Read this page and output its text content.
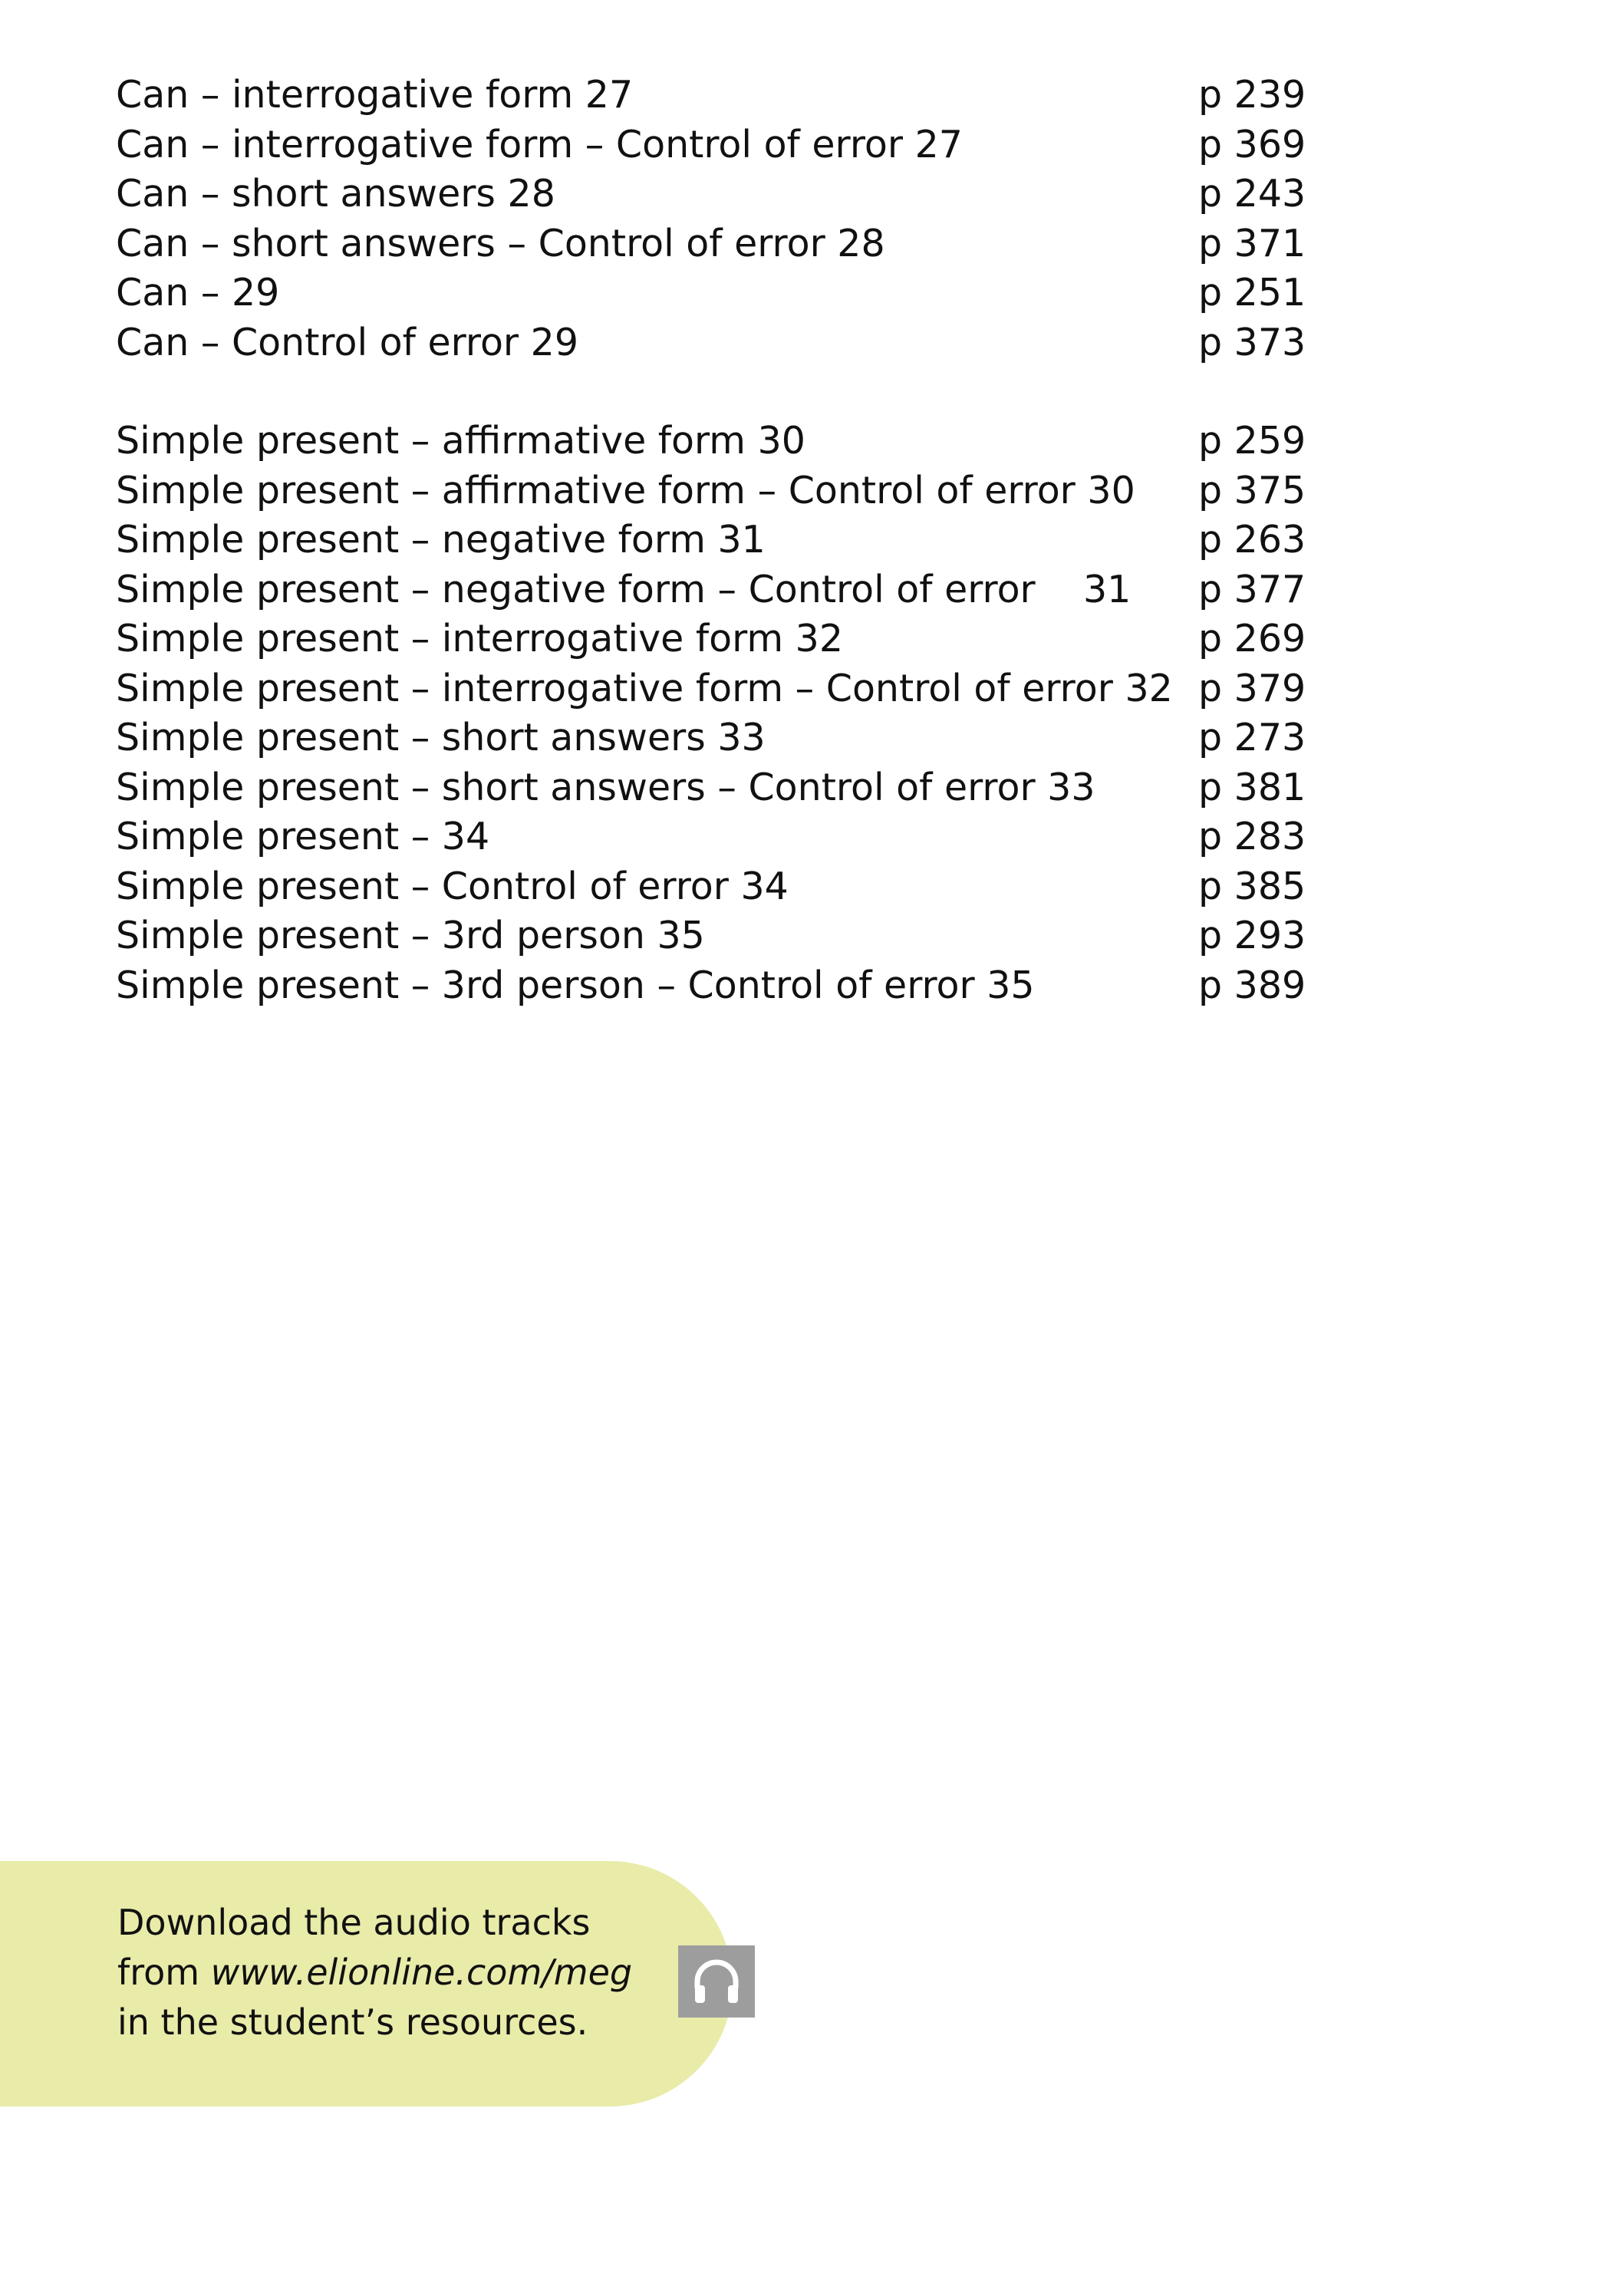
Can – interrogative form 27	p 239
Can – interrogative form – Control of error 27	p 369
Can – short answers 28	p 243
Can – short answers – Control of error 28	p 371
Can – 29	p 251
Can – Control of error 29	p 373
Simple present – affirmative form 30	p 259
Simple present – affirmative form – Control of error 30	p 375
Simple present – negative form 31	p 263
Simple present – negative form – Control of error    31	p 377
Simple present – interrogative form 32	p 269
Simple present – interrogative form – Control of error 32 p 379
Simple present – short answers 33	p 273
Simple present – short answers – Control of error 33	p 381
Simple present – 34	p 283
Simple present – Control of error 34	p 385
Simple present – 3rd person 35	p 293
Simple present – 3rd person – Control of error 35	p 389
Download the audio tracks
from www.elionline.com/meg
in the student’s resources.
